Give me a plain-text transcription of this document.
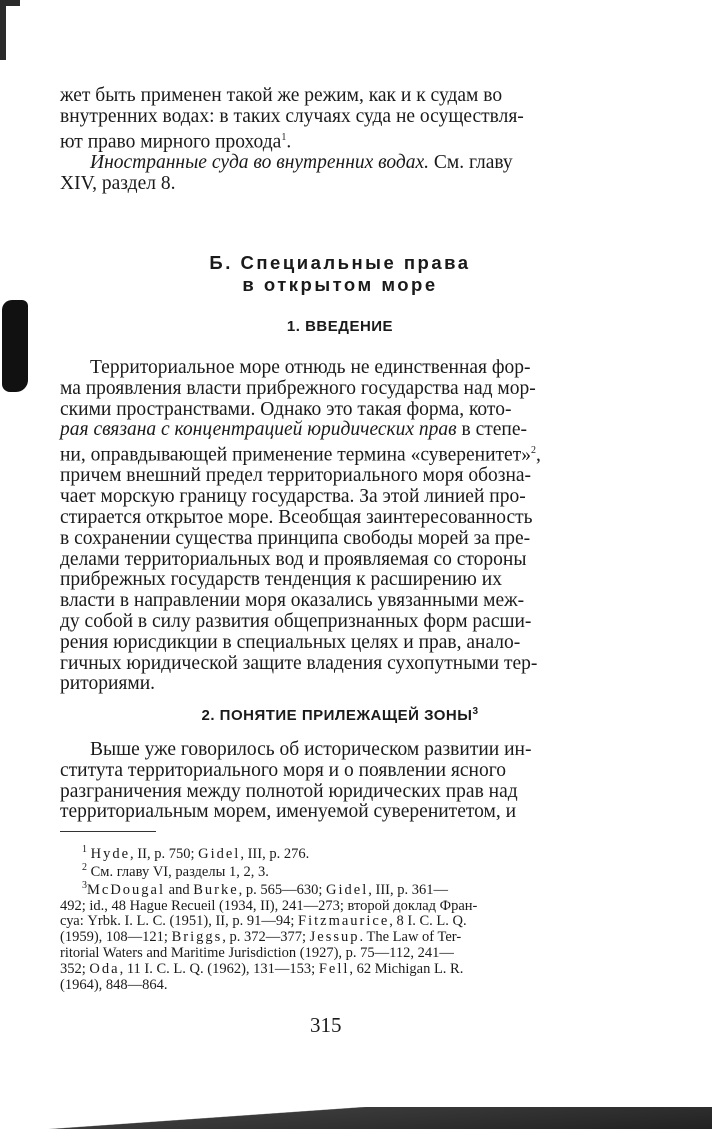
жет быть применен такой же режим, как и к судам во

внутренних водах: в таких случаях суда не осуществля-

ют право мирного прохода$^1$.

Иностранные суда во внутренних водах. См. главу

XIV, раздел 8.

Б. Специальные права
в открытом море
1. ВВЕДЕНИЕ

Территориальное море отнюдь не единственная фор-

ма проявления власти прибрежного государства над мор-

скими пространствами. Однако это такая форма, кото-

рая связана с концентрацией юридических прав в степе-

ни, оправдывающей применение термина «суверенитет»$^2$,

причем внешний предел территориального моря обозна-

чает морскую границу государства. За этой линией про-

стирается открытое море. Всеобщая заинтересованность

в сохранении существа принципа свободы морей за пре-

делами территориальных вод и проявляемая со стороны

прибрежных государств тенденция к расширению их

власти в направлении моря оказались увязанными меж-

ду собой в силу развития общепризнанных форм расши-

рения юрисдикции в специальных целях и прав, анало-

гичных юридической защите владения сухопутными тер-

риториями.

2. ПОНЯТИЕ ПРИЛЕЖАЩЕЙ ЗОНЫ$^3$

Выше уже говорилось об историческом развитии ин-

ститута территориального моря и о появлении ясного

разграничения между полнотой юридических прав над

территориальным морем, именуемой суверенитетом, и

$^1$ Hyde, II, p. 750; Gidel, III, p. 276.
$^2$ См. главу VI, разделы 1, 2, 3.
$^3$McDougal and Burke, p. 565—630; Gidel, III, p. 361—
492; id., 48 Hague Recueil (1934, II), 241—273; второй доклад Фран-
суа: Yrbk. I. L. C. (1951), II, p. 91—94; Fitzmaurice, 8 I. C. L. Q.
(1959), 108—121; Briggs, p. 372—377; Jessup. The Law of Ter-
ritorial Waters and Maritime Jurisdiction (1927), p. 75—112, 241—
352; Oda, 11 I. C. L. Q. (1962), 131—153; Fell, 62 Michigan L. R.
(1964), 848—864.
315
